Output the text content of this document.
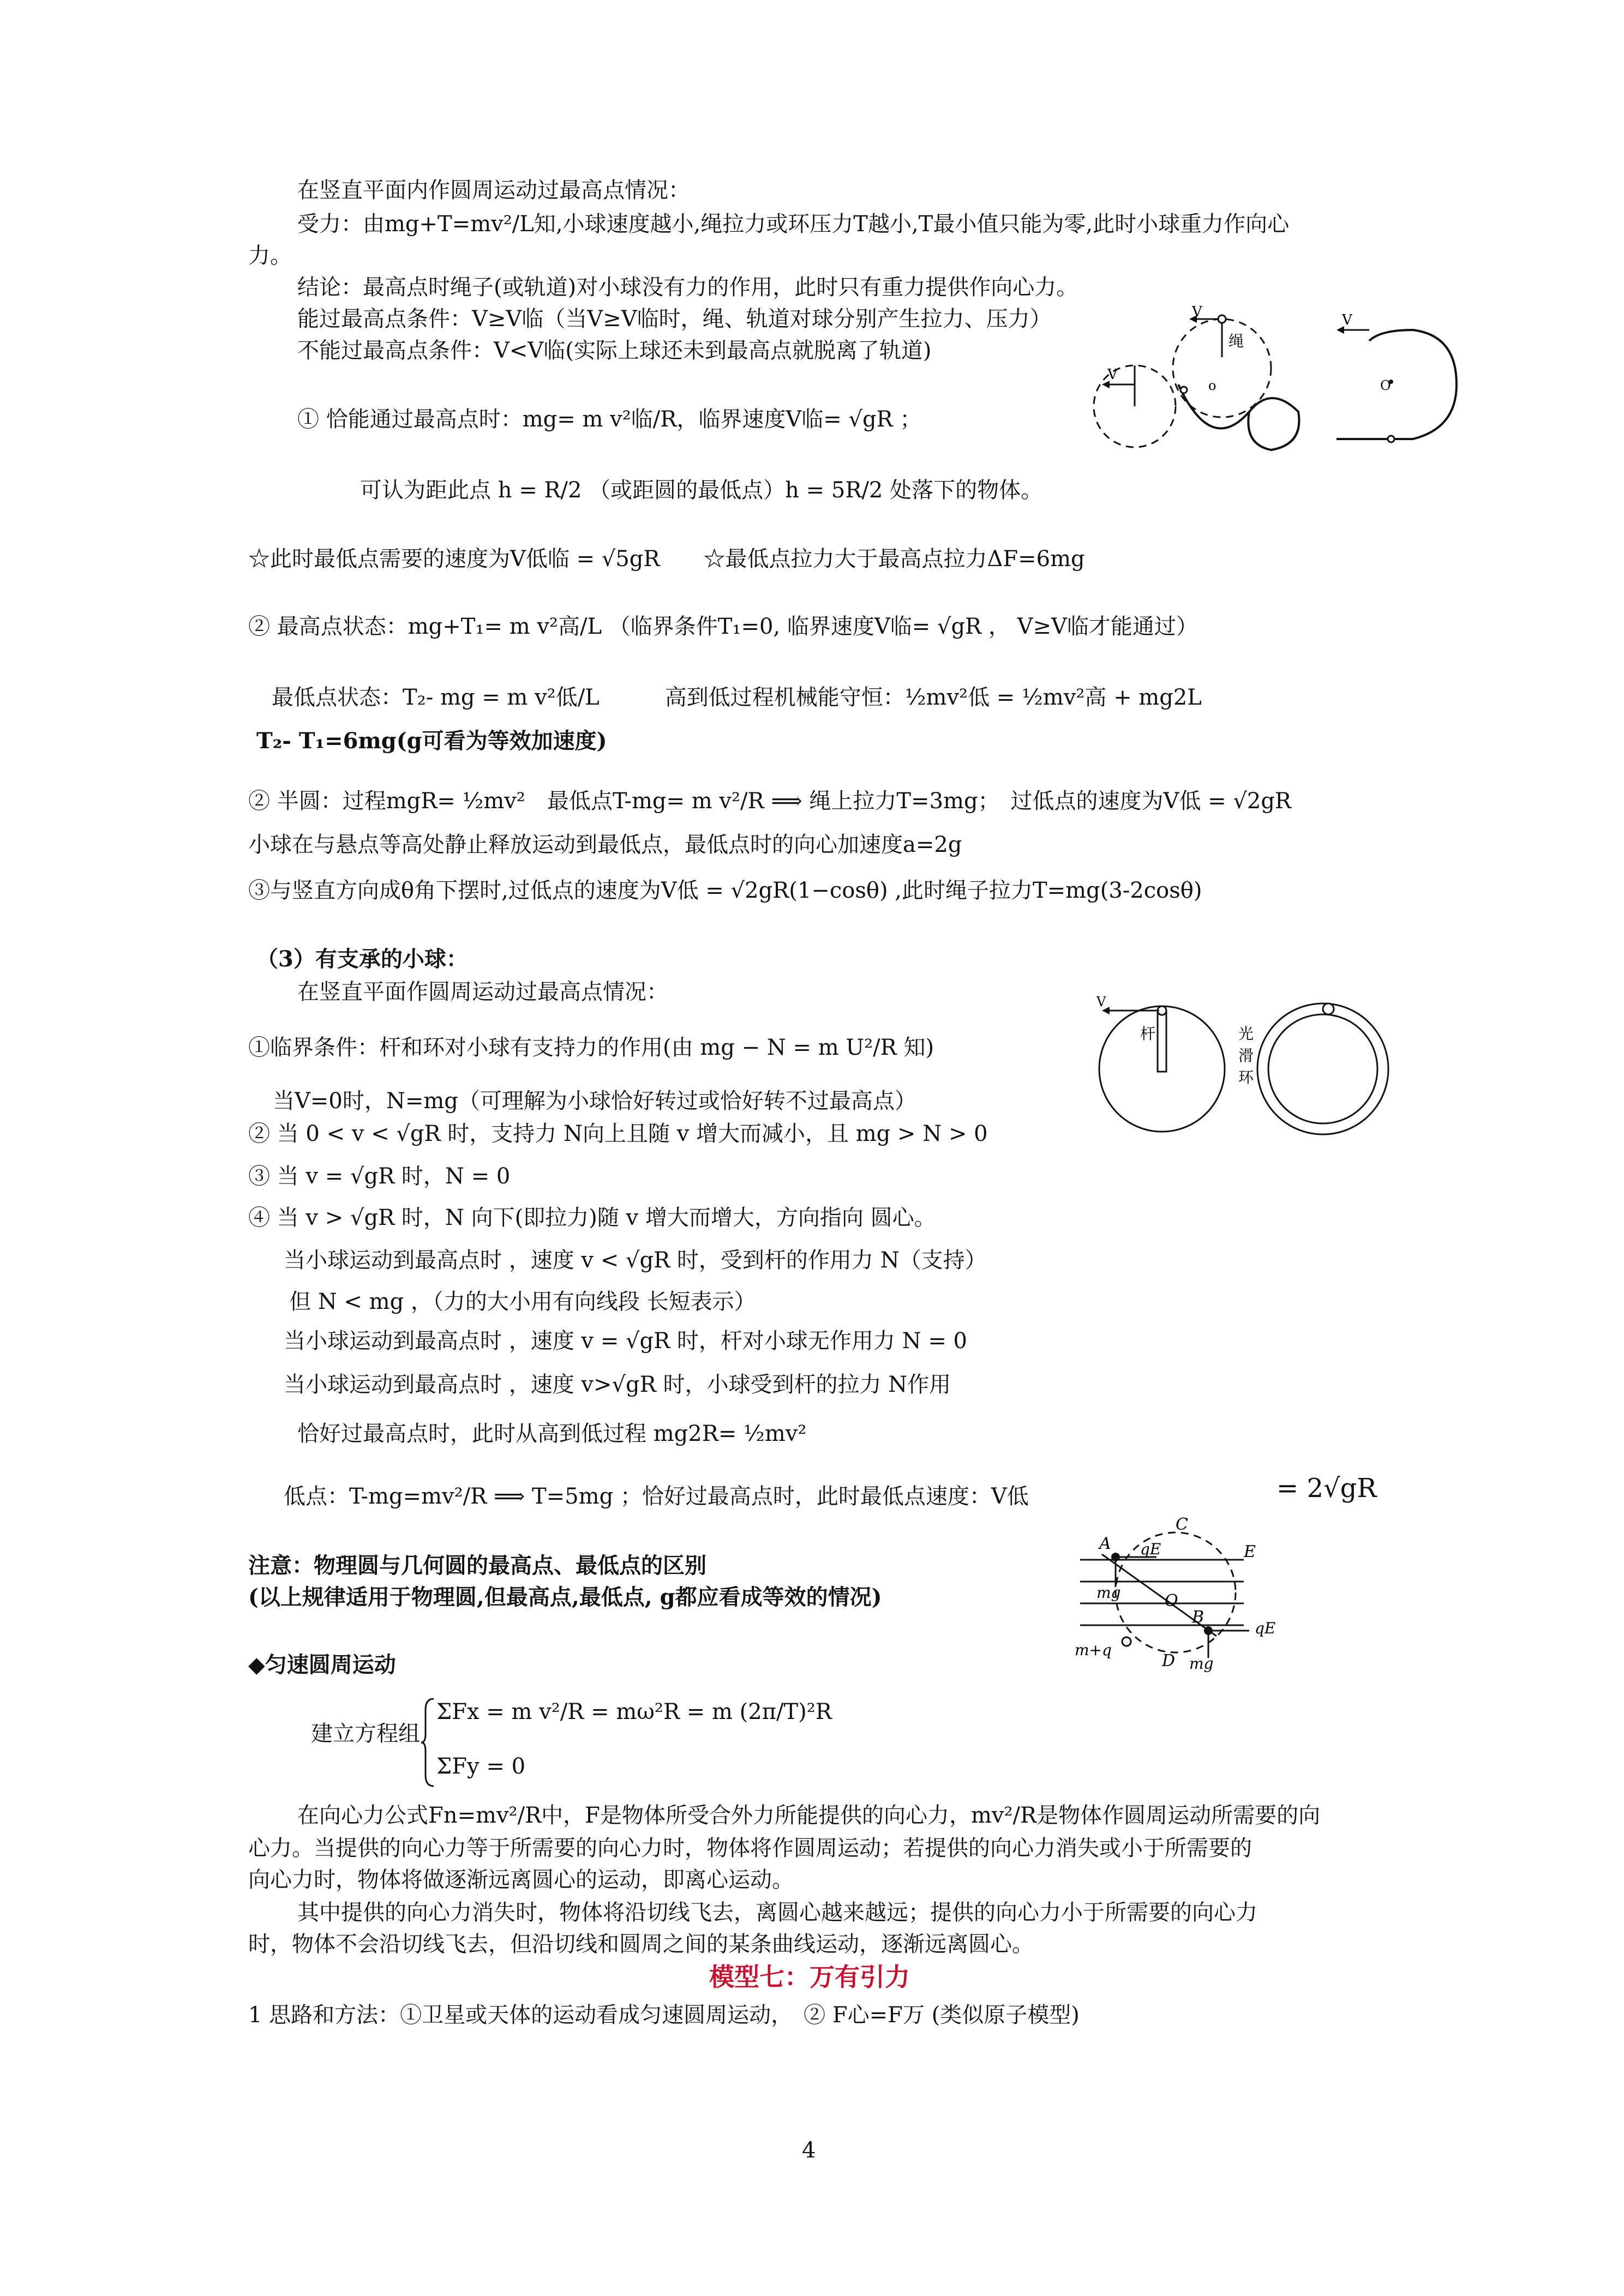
在竖直平面内作圆周运动过最高点情况：
受力：由mg+T=mv²/L知,小球速度越小,绳拉力或环压力T越小,T最小值只能为零,此时小球重力作向心
力。
结论：最高点时绳子(或轨道)对小球没有力的作用，此时只有重力提供作向心力。
能过最高点条件：V≥V临（当V≥V临时，绳、轨道对球分别产生拉力、压力）
不能过最高点条件：V<V临(实际上球还未到最高点就脱离了轨道)
① 恰能通过最高点时：mg= m v²临/R，临界速度V临= √gR ；
可认为距此点 h = R/2 （或距圆的最低点）h = 5R/2 处落下的物体。
☆此时最低点需要的速度为V低临 = √5gR　　☆最低点拉力大于最高点拉力ΔF=6mg
② 最高点状态：mg+T₁= m v²高/L （临界条件T₁=0, 临界速度V临= √gR ， V≥V临才能通过）
最低点状态：T₂- mg = m v²低/L　　　高到低过程机械能守恒：½mv²低 = ½mv²高 + mg2L
T₂- T₁=6mg(g可看为等效加速度)
② 半圆：过程mgR= ½mv²　最低点T-mg= m v²/R ⟹ 绳上拉力T=3mg；　过低点的速度为V低 = √2gR
小球在与悬点等高处静止释放运动到最低点，最低点时的向心加速度a=2g
③与竖直方向成θ角下摆时,过低点的速度为V低 = √2gR(1−cosθ) ,此时绳子拉力T=mg(3-2cosθ)
（3）有支承的小球：
在竖直平面作圆周运动过最高点情况：
①临界条件：杆和环对小球有支持力的作用(由 mg − N = m U²/R 知)
当V=0时，N=mg（可理解为小球恰好转过或恰好转不过最高点）
② 当 0 < v < √gR 时，支持力 N向上且随 v 增大而减小，且 mg > N > 0
③ 当 v = √gR 时，N = 0
④ 当 v > √gR 时，N 向下(即拉力)随 v 增大而增大，方向指向 圆心。
当小球运动到最高点时 ，速度 v < √gR 时，受到杆的作用力 N（支持）
但 N < mg ，（力的大小用有向线段 长短表示）
当小球运动到最高点时 ，速度 v = √gR 时，杆对小球无作用力 N = 0
当小球运动到最高点时 ，速度 v>√gR 时，小球受到杆的拉力 N作用
恰好过最高点时，此时从高到低过程 mg2R= ½mv²
低点：T-mg=mv²/R ⟹ T=5mg ；恰好过最高点时，此时最低点速度：V低	= 2√gR
注意：物理圆与几何圆的最高点、最低点的区别
(以上规律适用于物理圆,但最高点,最低点, g都应看成等效的情况)
◆匀速圆周运动
建立方程组
ΣFx = m v²/R = mω²R = m (2π/T)²R
ΣFy = 0
在向心力公式Fn=mv²/R中，F是物体所受合外力所能提供的向心力，mv²/R是物体作圆周运动所需要的向
心力。当提供的向心力等于所需要的向心力时，物体将作圆周运动；若提供的向心力消失或小于所需要的
向心力时，物体将做逐渐远离圆心的运动，即离心运动。
其中提供的向心力消失时，物体将沿切线飞去，离圆心越来越远；提供的向心力小于所需要的向心力
时，物体不会沿切线飞去，但沿切线和圆周之间的某条曲线运动，逐渐远离圆心。
模型七：万有引力
1 思路和方法：①卫星或天体的运动看成匀速圆周运动，　② F心=F万 (类似原子模型)
V
V
绳
o
V
O
V
杆	光
滑
环
A
C
E
O
B
D
qE
qE
mg
mg
m+q
4
